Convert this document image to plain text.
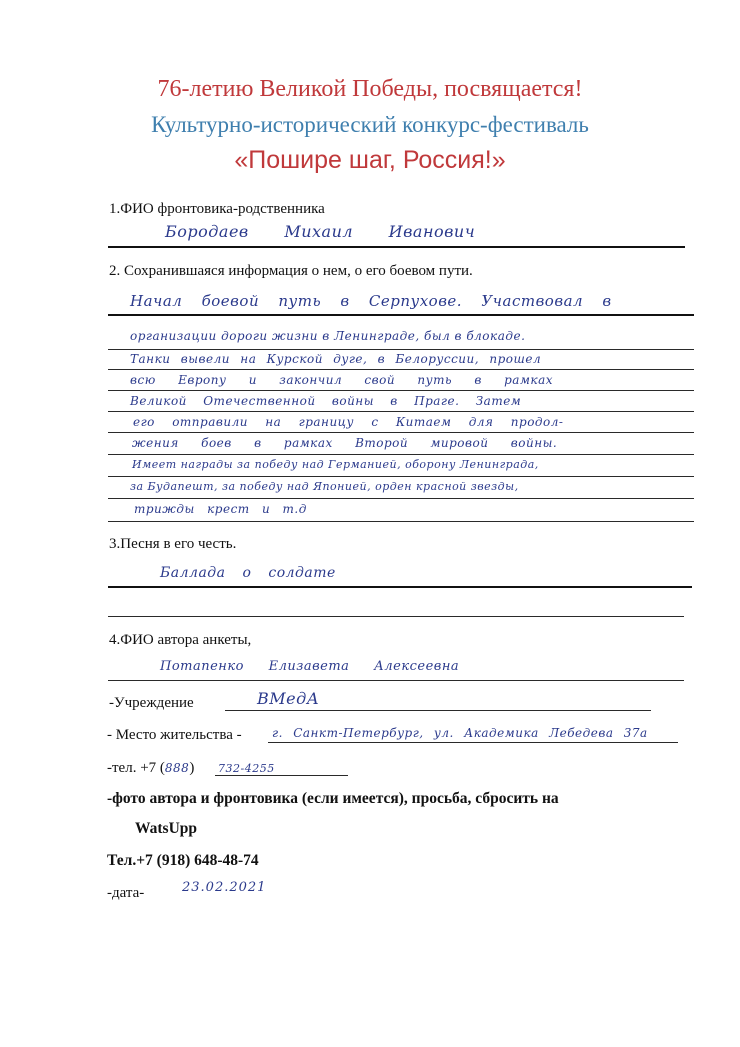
76-летию Великой Победы, посвящается!
Культурно-исторический конкурс-фестиваль
«Пошире шаг, Россия!»
1.ФИО фронтовика-родственника
Бородаев Михаил Иванович
2. Сохранившаяся информация о нем, о его боевом пути.
Начал боевой путь в Серпухове. Участвовал в
организации дороги жизни в Ленинграде, был в блокаде.
Танки вывели на Курской дуге, в Белоруссии, прошел
всю Европу и закончил свой путь в рамках
Великой Отечественной войны в Праге. Затем
его отправили на границу с Китаем для продол-
жения боев в рамках Второй мировой войны.
Имеет награды за победу над Германией, оборону Ленинграда,
за Будапешт, за победу над Японией, орден красной звезды,
трижды крест и т.д
3.Песня в его честь.
Баллада о солдате
4.ФИО автора анкеты,
Потапенко Елизавета Алексеевна
-Учреждение	ВМедА
- Место жительства -	г. Санкт-Петербург, ул. Академика Лебедева 37а
-тел. +7 (888) 732-4255
-фото автора и фронтовика (если имеется), просьба, сбросить на
WatsUpp
Тел.+7 (918) 648-48-74
-дата-	23.02.2021
